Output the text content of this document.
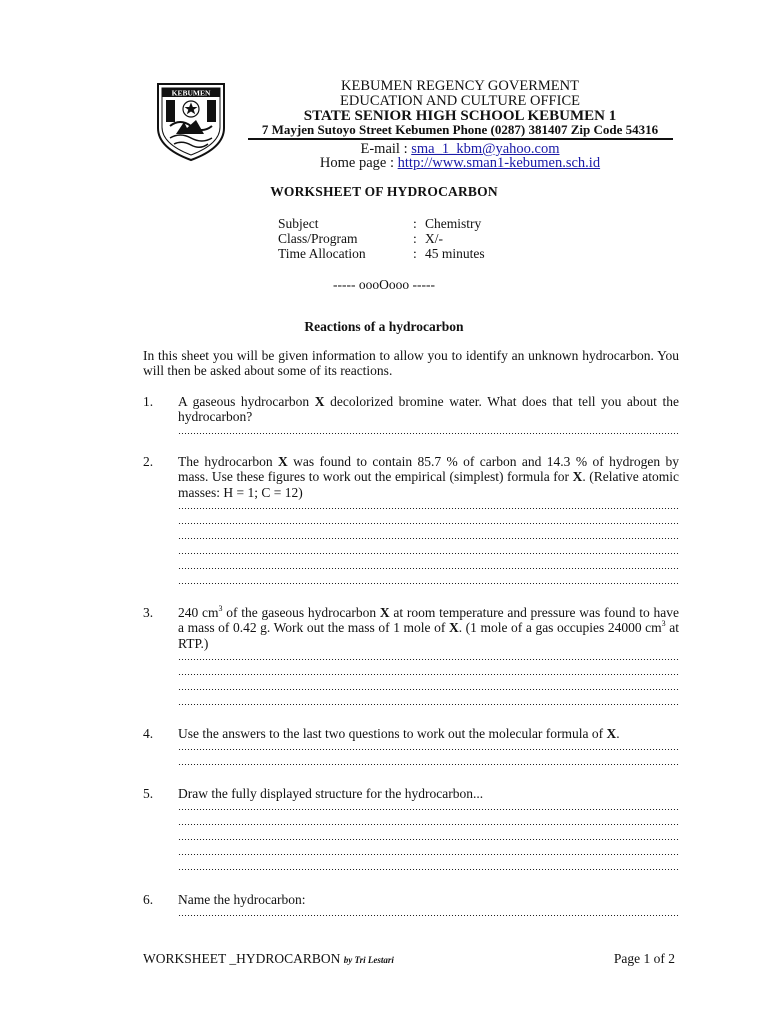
KEBUMEN	KEBUMEN REGENCY GOVERMENT
EDUCATION AND CULTURE OFFICE
STATE SENIOR HIGH SCHOOL KEBUMEN 1
7 Mayjen Sutoyo Street Kebumen Phone (0287) 381407 Zip Code 54316
E-mail : sma_1_kbm@yahoo.com
Home page : http://www.sman1-kebumen.sch.id
WORKSHEET OF HYDROCARBON
Subject	: Chemistry
Class/Program	: X/-
Time Allocation	: 45 minutes
----- oooOooo -----
Reactions of a hydrocarbon
In this sheet you will be given information to allow you to identify an unknown hydrocarbon. You will then be asked about some of its reactions.
1. A gaseous hydrocarbon X decolorized bromine water. What does that tell you about the hydrocarbon?
2. The hydrocarbon X was found to contain 85.7 % of carbon and 14.3 % of hydrogen by mass. Use these figures to work out the empirical (simplest) formula for X. (Relative atomic masses: H = 1; C = 12)
3. 240 $cm^3$ of the gaseous hydrocarbon X at room temperature and pressure was found to have a mass of 0.42 g. Work out the mass of 1 mole of X. (1 mole of a gas occupies 24000 $cm^3$ at RTP.)
4. Use the answers to the last two questions to work out the molecular formula of X.
5. Draw the fully displayed structure for the hydrocarbon...
6. Name the hydrocarbon:
WORKSHEET _HYDROCARBON by Tri Lestari	Page 1 of 2
